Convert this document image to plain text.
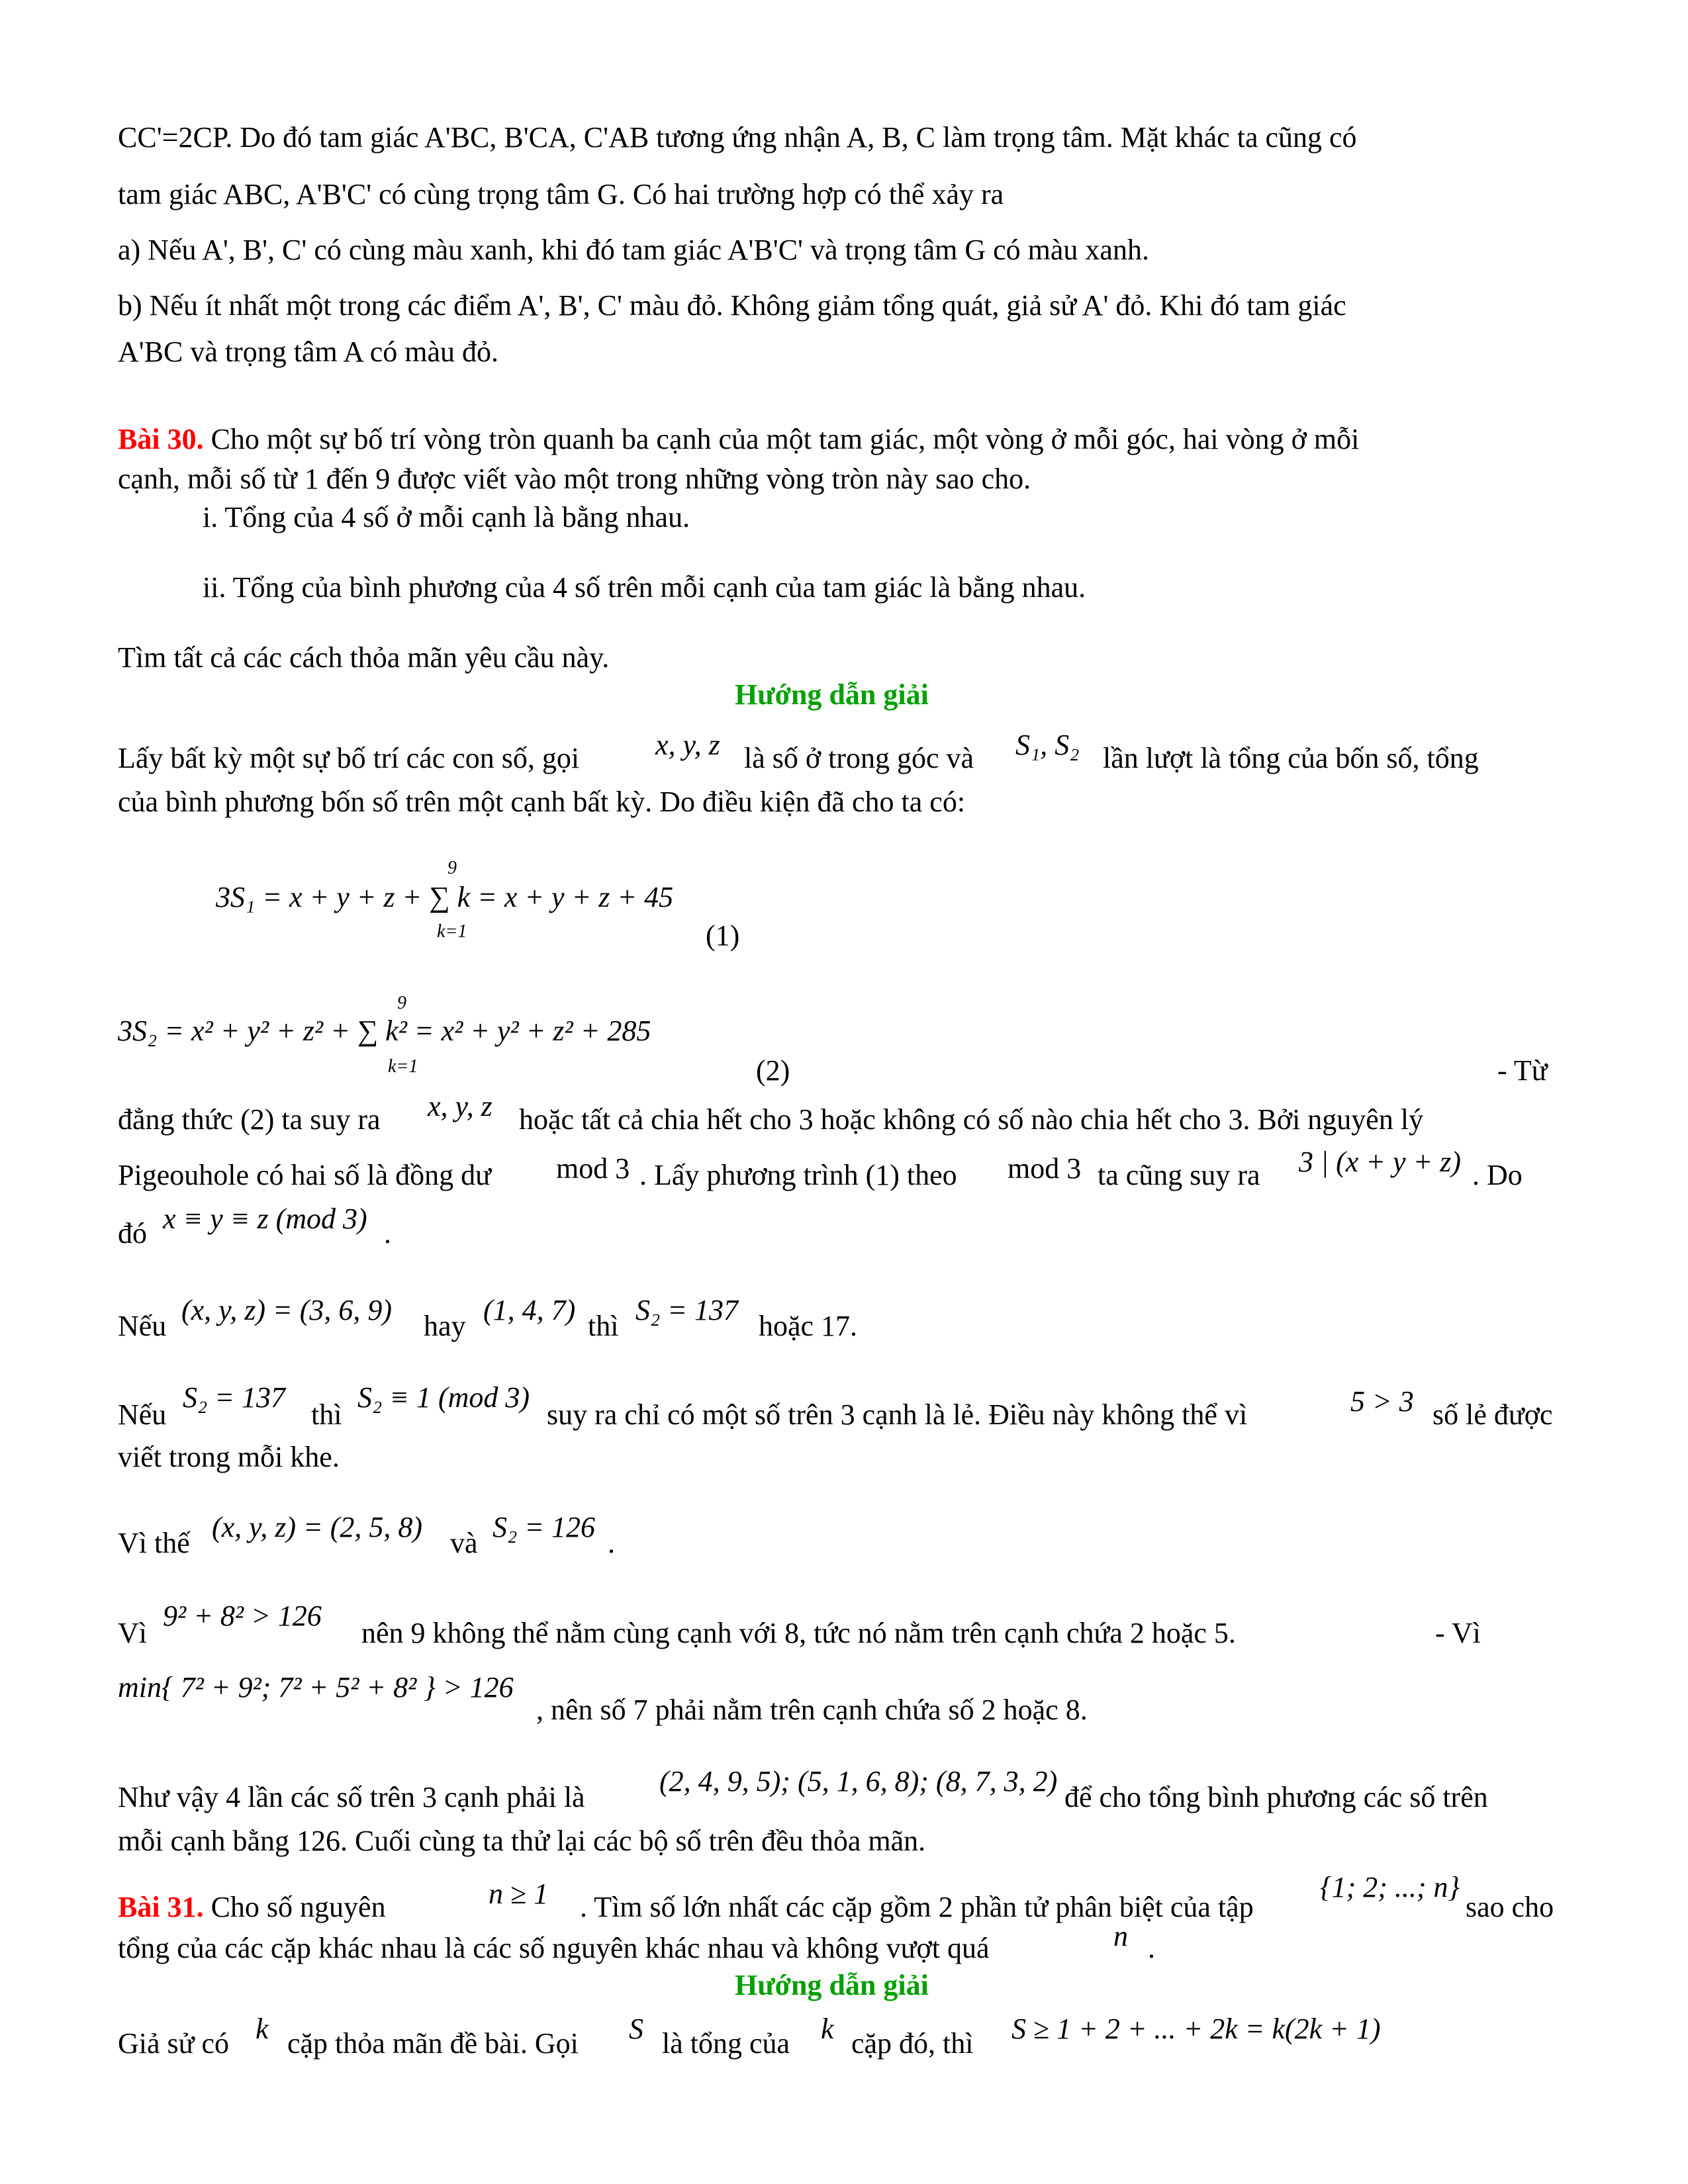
CC'=2CP. Do đó tam giác A'BC, B'CA, C'AB tương ứng nhận A, B, C làm trọng tâm. Mặt khác ta cũng có
tam giác ABC, A'B'C' có cùng trọng tâm G. Có hai trường hợp có thể xảy ra
a) Nếu A', B', C' có cùng màu xanh, khi đó tam giác A'B'C' và trọng tâm G có màu xanh.
b) Nếu ít nhất một trong các điểm A', B', C' màu đỏ. Không giảm tổng quát, giả sử A' đỏ. Khi đó tam giác
A'BC và trọng tâm A có màu đỏ.
Bài 30. Cho một sự bố trí vòng tròn quanh ba cạnh của một tam giác, một vòng ở mỗi góc, hai vòng ở mỗi
cạnh, mỗi số từ 1 đến 9 được viết vào một trong những vòng tròn này sao cho.
i. Tổng của 4 số ở mỗi cạnh là bằng nhau.
ii. Tổng của bình phương của 4 số trên mỗi cạnh của tam giác là bằng nhau.
Tìm tất cả các cách thỏa mãn yêu cầu này.
Hướng dẫn giải
Lấy bất kỳ một sự bố trí các con số, gọi	x, y, z là số ở trong góc và S₁, S₂ lần lượt là tổng của bốn số, tổng
của bình phương bốn số trên một cạnh bất kỳ. Do điều kiện đã cho ta có:
9
3S₁ = x + y + z + ∑ k = x + y + z + 45
k=1	(1)
9
3S₂ = x² + y² + z² + ∑ k² = x² + y² + z² + 285
k=1	(2)	- Từ
đẳng thức (2) ta suy ra x, y, z hoặc tất cả chia hết cho 3 hoặc không có số nào chia hết cho 3. Bởi nguyên lý
Pigeouhole có hai số là đồng dư mod 3 . Lấy phương trình (1) theo mod 3 ta cũng suy ra 3 | (x + y + z) . Do
đó x ≡ y ≡ z (mod 3) .
Nếu (x, y, z) = (3, 6, 9) hay (1, 4, 7) thì S₂ = 137 hoặc 17.
Nếu
S₂ = 137
thì
S₂ ≡ 1 (mod 3)
suy ra chỉ có một số trên 3 cạnh là lẻ. Điều này không thể vì	5 > 3 số lẻ được
viết trong mỗi khe.
Vì thế (x, y, z) = (2, 5, 8) và S₂ = 126 .
Vì
9² + 8² > 126
nên 9 không thể nằm cùng cạnh với 8, tức nó nằm trên cạnh chứa 2 hoặc 5.	- Vì
min{ 7² + 9²; 7² + 5² + 8² } > 126
, nên số 7 phải nằm trên cạnh chứa số 2 hoặc 8.
Như vậy 4 lần các số trên 3 cạnh phải là	(2, 4, 9, 5); (5, 1, 6, 8); (8, 7, 3, 2) để cho tổng bình phương các số trên
mỗi cạnh bằng 126. Cuối cùng ta thử lại các bộ số trên đều thỏa mãn.
Bài 31. Cho số nguyên	n ≥ 1 . Tìm số lớn nhất các cặp gồm 2 phần tử phân biệt của tập
{1; 2; ...; n}
sao cho
tổng của các cặp khác nhau là các số nguyên khác nhau và không vượt quá	n .
Hướng dẫn giải
Giả sử có k cặp thỏa mãn đề bài. Gọi S là tổng của k cặp đó, thì S ≥ 1 + 2 + ... + 2k = k(2k + 1)
